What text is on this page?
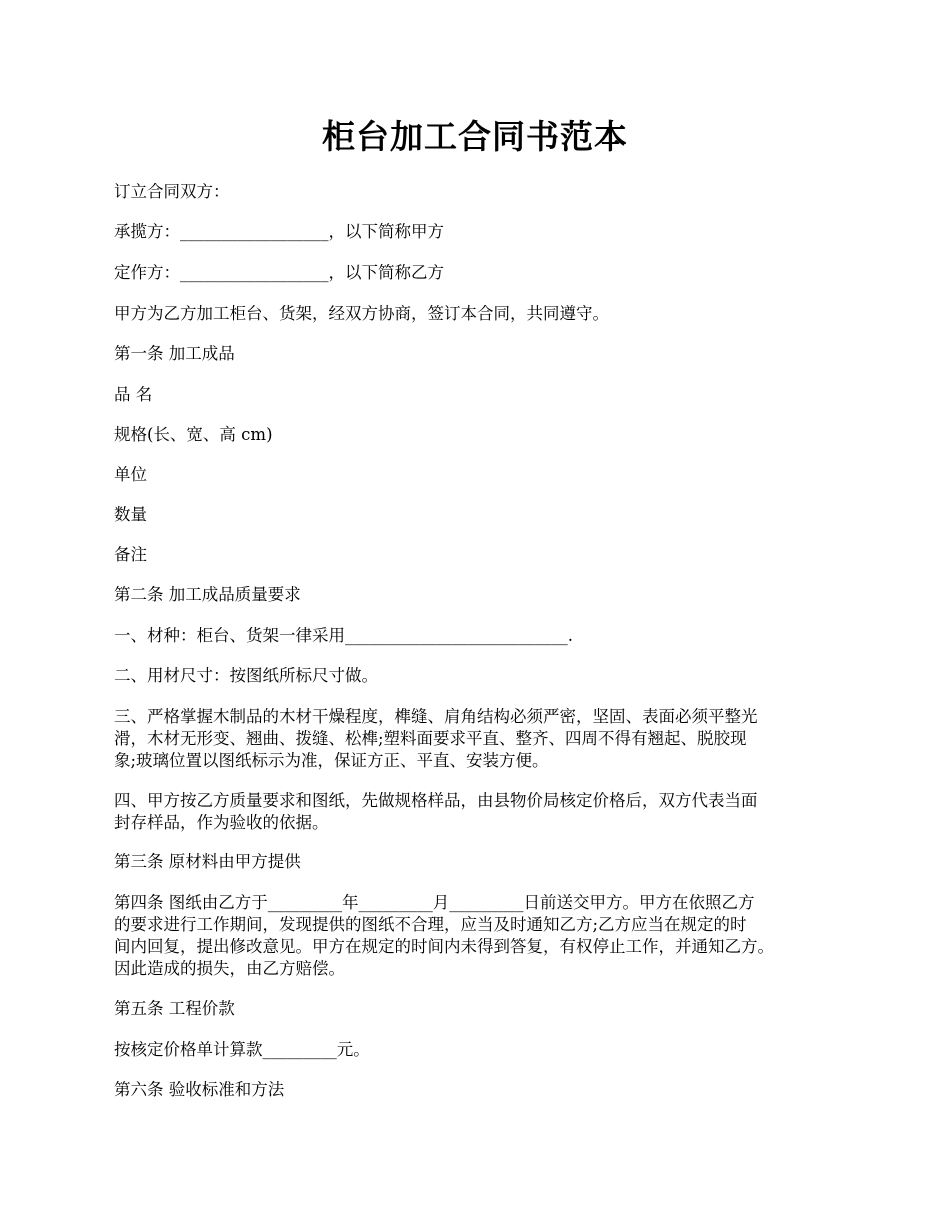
柜台加工合同书范本

订立合同双方：

承揽方：__________________，以下简称甲方

定作方：__________________，以下简称乙方

甲方为乙方加工柜台、货架，经双方协商，签订本合同，共同遵守。

第一条 加工成品

品 名

规格(长、宽、高 cm)

单位

数量

备注

第二条 加工成品质量要求

一、材种：柜台、货架一律采用___________________________.

二、用材尺寸：按图纸所标尺寸做。

三、严格掌握木制品的木材干燥程度，榫缝、肩角结构必须严密，坚固、表面必须平整光
滑，木材无形变、翘曲、拨缝、松榫;塑料面要求平直、整齐、四周不得有翘起、脱胶现
象;玻璃位置以图纸标示为准，保证方正、平直、安装方便。
四、甲方按乙方质量要求和图纸，先做规格样品，由县物价局核定价格后，双方代表当面
封存样品，作为验收的依据。

第三条 原材料由甲方提供

第四条 图纸由乙方于_________年_________月_________日前送交甲方。甲方在依照乙方
的要求进行工作期间，发现提供的图纸不合理，应当及时通知乙方;乙方应当在规定的时
间内回复，提出修改意见。甲方在规定的时间内未得到答复，有权停止工作，并通知乙方。
因此造成的损失，由乙方赔偿。

第五条 工程价款

按核定价格单计算款_________元。

第六条 验收标准和方法
